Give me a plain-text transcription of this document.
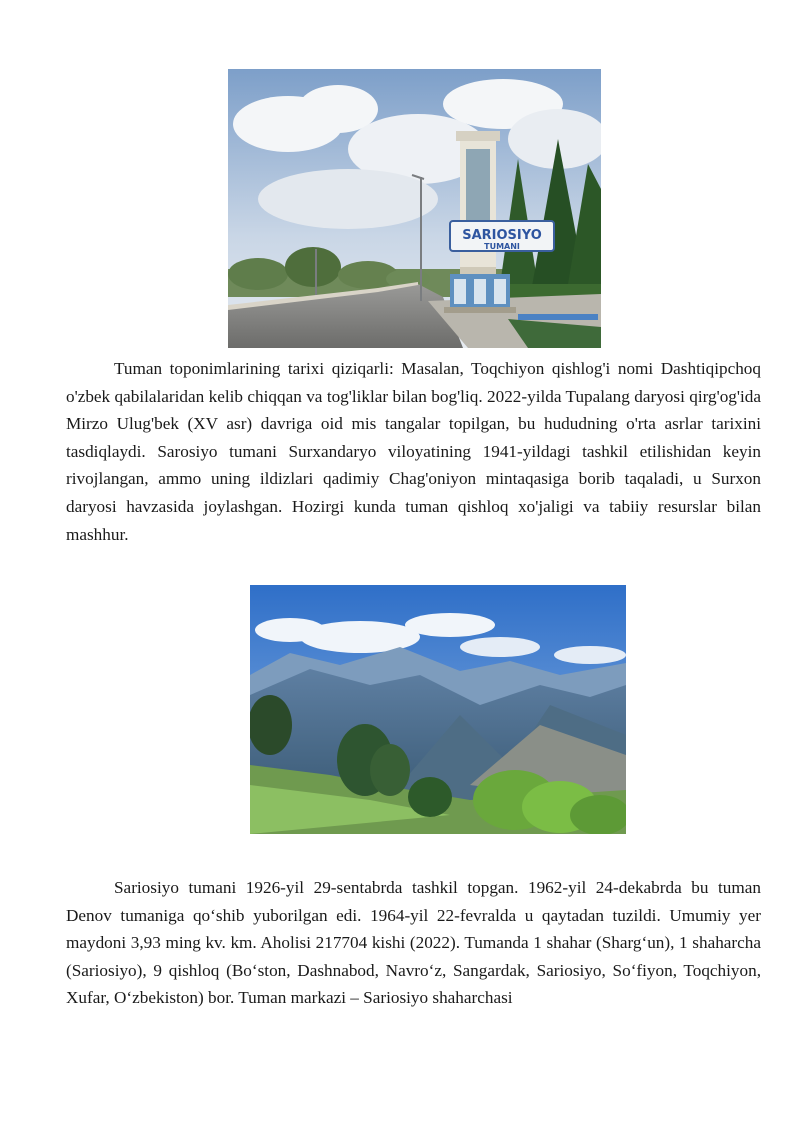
SARIOSIYO
TUMANI

Tuman toponimlarining tarixi qiziqarli: Masalan, Toqchiyon qishlog'i nomi Dashtiqipchoq o'zbek qabilalaridan kelib chiqqan va tog'liklar bilan bog'liq. 2022-yilda Tupalang daryosi qirg'og'ida Mirzo Ulug'bek (XV asr) davriga oid mis tangalar topilgan, bu hududning o'rta asrlar tarixini tasdiqlaydi. Sarosiyo tumani Surxandaryo viloyatining 1941-yildagi tashkil etilishidan keyin rivojlangan, ammo uning ildizlari qadimiy Chag'oniyon mintaqasiga borib taqaladi, u Surxon daryosi havzasida joylashgan. Hozirgi kunda tuman qishloq xo'jaligi va tabiiy resurslar bilan mashhur.

Sariosiyo tumani 1926-yil 29-sentabrda tashkil topgan. 1962-yil 24-dekabrda bu tuman Denov tumaniga qo‘shib yuborilgan edi. 1964-yil 22-fevralda u qaytadan tuzildi. Umumiy yer maydoni 3,93 ming kv. km. Aholisi 217704 kishi (2022). Tumanda 1 shahar (Sharg‘un), 1 shaharcha (Sariosiyo), 9 qishloq (Bo‘ston, Dashnabod, Navro‘z, Sangardak, Sariosiyo, So‘fiyon, Toqchiyon, Xufar, O‘zbekiston) bor. Tuman markazi – Sariosiyo shaharchasi
